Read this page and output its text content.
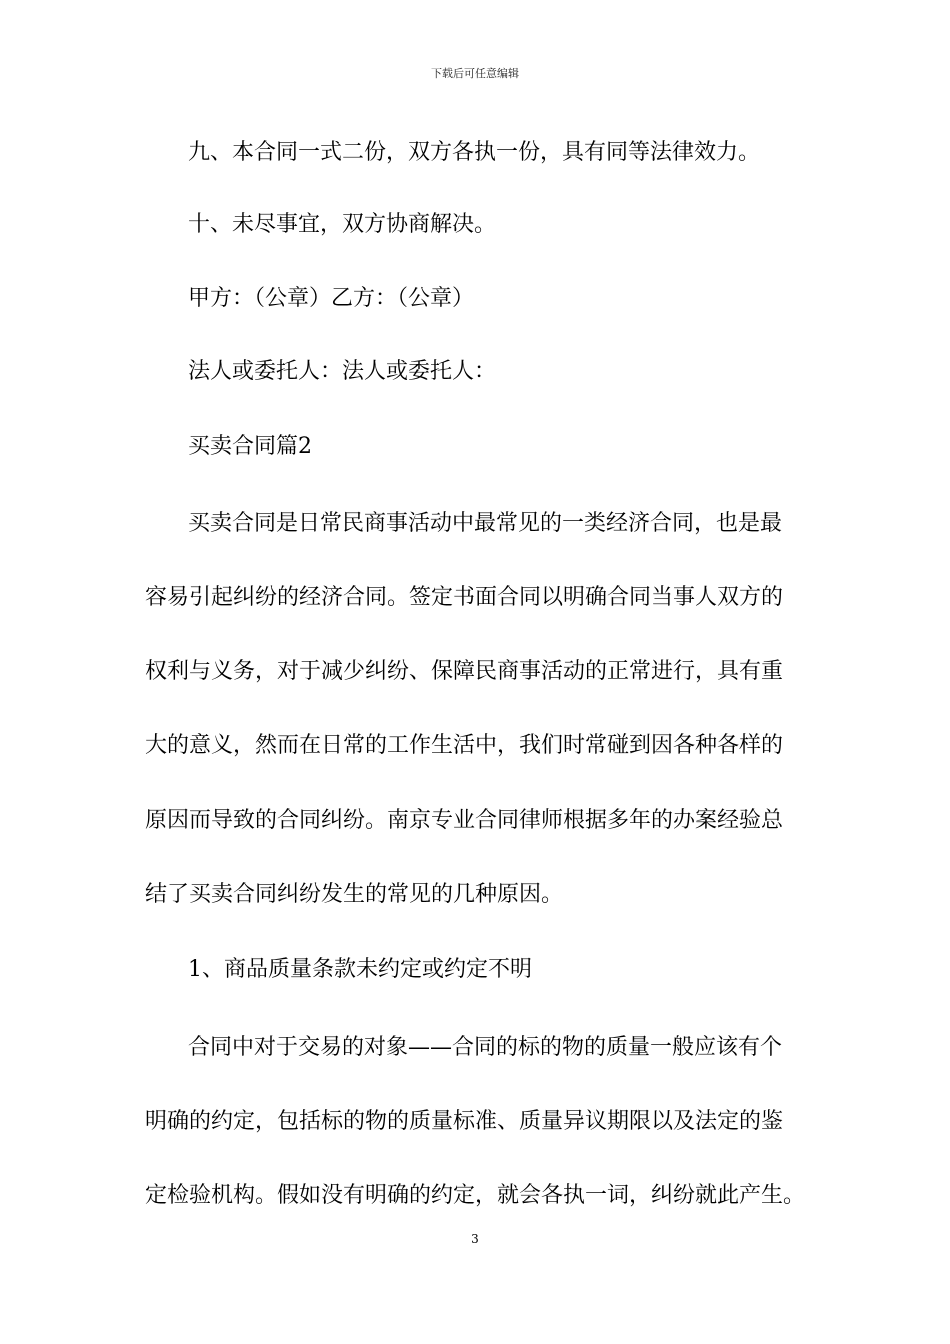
下载后可任意编辑
九、本合同一式二份，双方各执一份，具有同等法律效力。
十、未尽事宜，双方协商解决。
甲方：（公章）乙方：（公章）
法人或委托人：法人或委托人：
买卖合同篇2
买卖合同是日常民商事活动中最常见的一类经济合同，也是最
容易引起纠纷的经济合同。签定书面合同以明确合同当事人双方的
权利与义务，对于减少纠纷、保障民商事活动的正常进行，具有重
大的意义，然而在日常的工作生活中，我们时常碰到因各种各样的
原因而导致的合同纠纷。南京专业合同律师根据多年的办案经验总
结了买卖合同纠纷发生的常见的几种原因。
1、商品质量条款未约定或约定不明
合同中对于交易的对象——合同的标的物的质量一般应该有个
明确的约定，包括标的物的质量标准、质量异议期限以及法定的鉴
定检验机构。假如没有明确的约定，就会各执一词，纠纷就此产生。
3
